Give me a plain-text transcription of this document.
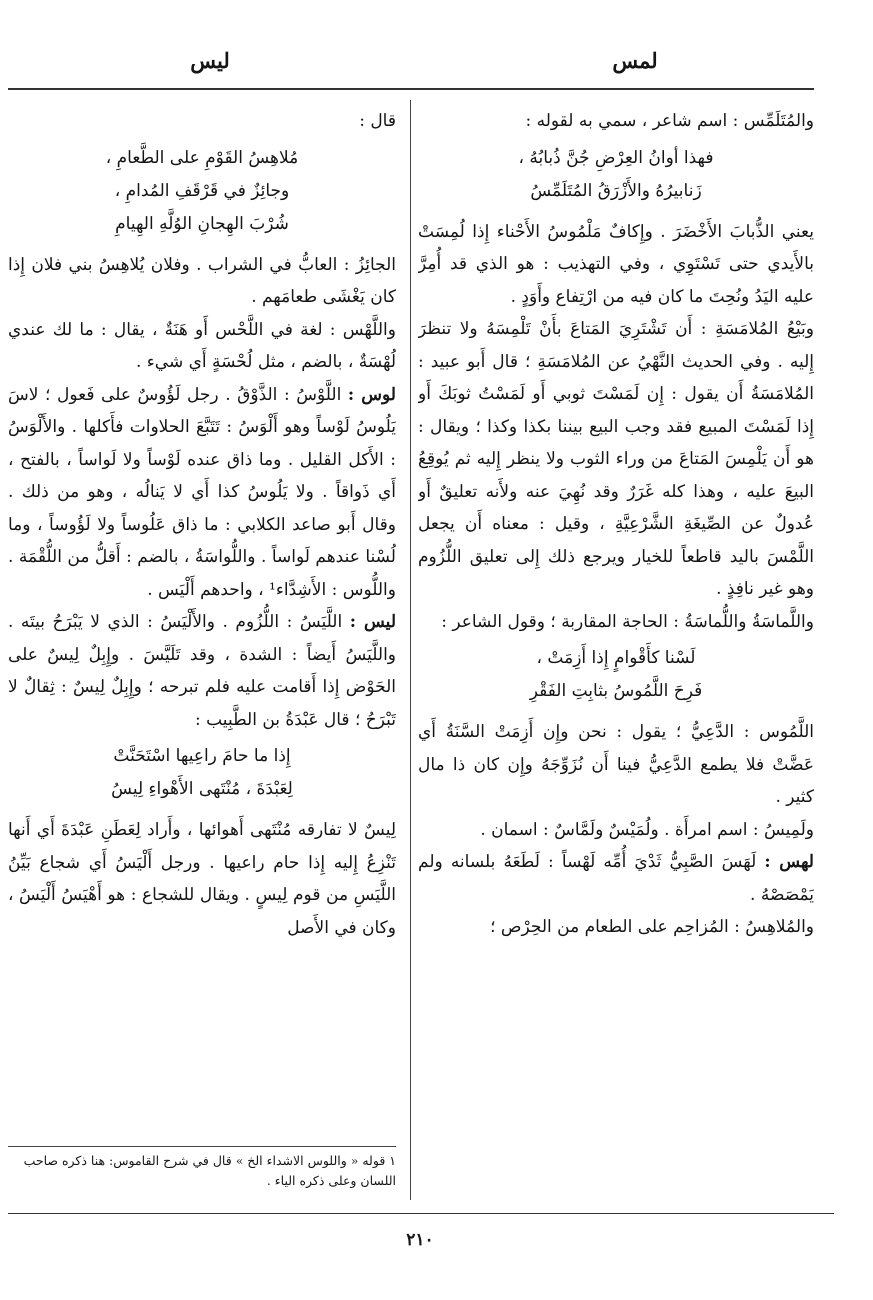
لمس
ليس

والمُتَلَمِّس : اسم شاعر ، سمي به لقوله :

فهذا أوانُ العِرْضِ جُنَّ ذُبابُهُ ،
زَنابيرُهُ والأَزْرَقُ المُتَلَمِّسُ

يعني الذُّبابَ الأَخْضَرَ . وإِكافٌ مَلْمُوسُ الأَحْناء إِذا لُمِسَتْ بالأَيدي حتى تَسْتَوِي ، وفي التهذيب : هو الذي قد أُمِرَّ عليه اليَدُ ونُحِتَ ما كان فيه من ارْتِفاع وأَوَدٍ .

وبَيْعُ المُلامَسَةِ : أَن تَشْتَرِيَ المَتاعَ بأَنْ تَلْمِسَهُ ولا تنظرَ إِليه . وفي الحديث النَّهْيُ عن المُلامَسَةِ ؛ قال أَبو عبيد : المُلامَسَةُ أَن يقول : إِن لَمَسْتَ ثوبي أَو لَمَسْتُ ثوبَكَ أَو إِذا لَمَسْتَ المبيع فقد وجب البيع بيننا بكذا وكذا ؛ ويقال : هو أَن يَلْمِسَ المَتاعَ من وراء الثوب ولا ينظر إِليه ثم يُوقِعُ البيعَ عليه ، وهذا كله غَرَرٌ وقد نُهِيَ عنه ولأَنه تعليقٌ أَو عُدولٌ عن الصِّيغَةِ الشَّرْعِيَّةِ ، وقيل : معناه أَن يجعل اللَّمْسَ باليد قاطعاً للخيار ويرجع ذلك إِلى تعليق اللُّزُوم وهو غير نافِذٍ .

واللَّماسَةُ واللُّماسَةُ : الحاجة المقاربة ؛ وقول الشاعر :

لَسْنا كأَقْوامٍ إِذا أَزِمَتْ ،
فَرِحَ اللَّمُوسُ بثابِتِ الفَقْرِ

اللَّمُوس : الدَّعِيُّ ؛ يقول : نحن وإِن أَزِمَتْ السَّنَةُ أَي عَضَّتْ فلا يطمع الدَّعِيُّ فينا أَن نُزَوِّجَهُ وإِن كان ذا مال كثير .

ولَمِيسُ : اسم امرأَة . ولُمَيْسٌ ولَمَّاسٌ : اسمان .

لهس : لَهَسَ الصَّبِيُّ ثَدْيَ أُمِّه لَهْساً : لَطَعَهُ بلسانه ولم يَمْصَصْهُ .

والمُلاهِسُ : المُزاحِم على الطعام من الحِرْص ؛

قال :

مُلاهِسُ القَوْمِ على الطَّعامِ ،
وجائِزٌ في قَرْقَفِ المُدامِ ،
شُرْبَ الهِجانِ الوُلَّهِ الهِيامِ

الجائِزُ : العابُّ في الشراب . وفلان يُلاهِسُ بني فلان إِذا كان يَغْشَى طعامَهم .

واللَّهْس : لغة في اللَّحْس أَو هَنَةٌ ، يقال : ما لك عندي لُهْسَةٌ ، بالضم ، مثل لُحْسَةٍ أَي شيء .

لوس : اللَّوْسُ : الذَّوْقُ . رجل لَؤُوسٌ على فَعول ؛ لاسَ يَلُوسُ لَوْساً وهو أَلْوَسُ : تَتَبَّعَ الحلاوات فأَكلها . والأَلْوَسُ : الأَكل القليل . وما ذاق عنده لَوْساً ولا لَواساً ، بالفتح ، أَي ذَواقاً . ولا يَلُوسُ كذا أَي لا يَنالُه ، وهو من ذلك . وقال أَبو صاعد الكلابي : ما ذاق عَلُوساً ولا لَؤُوساً ، وما لُسْنا عندهم لَواساً . واللُّواسَةُ ، بالضم : أَقلُّ من اللُّقْمَة . واللُّوس : الأَشِدَّاء¹ ، واحدهم أَلْيَس .

ليس : اللَّيَسُ : اللُّزُوم . والأَلْيَسُ : الذي لا يَبْرَحُ بيتَه . واللَّيَسُ أَيضاً : الشدة ، وقد تَلَيَّسَ . وإِبِلٌ لِيسٌ على الحَوْض إِذا أَقامت عليه فلم تبرحه ؛ وإِبِلٌ لِيسٌ : ثِقالٌ لا تَبْرَحُ ؛ قال عَبْدَةُ بن الطَّبِيب :

إِذا ما حامَ راعِيها اسْتَحَنَّتْ
لِعَبْدَةَ ، مُنْتَهى الأَهْواءِ لِيسُ

لِيسٌ لا تفارقه مُنْتَهى أَهوائها ، وأَراد لِعَطَنِ عَبْدَةَ أَي أَنها تَنْزِعُ إِليه إِذا حام راعيها . ورجل أَلْيَسُ أَي شجاع بَيِّنُ اللَّيَسِ من قوم لِيسٍ . ويقال للشجاع : هو أَهْيَسُ أَلْيَسُ ، وكان في الأَصل

١ قوله « واللوس الاشداء الخ » قال في شرح القاموس: هنا ذكره صاحب اللسان وعلى ذكره الياء .

٢١٠
